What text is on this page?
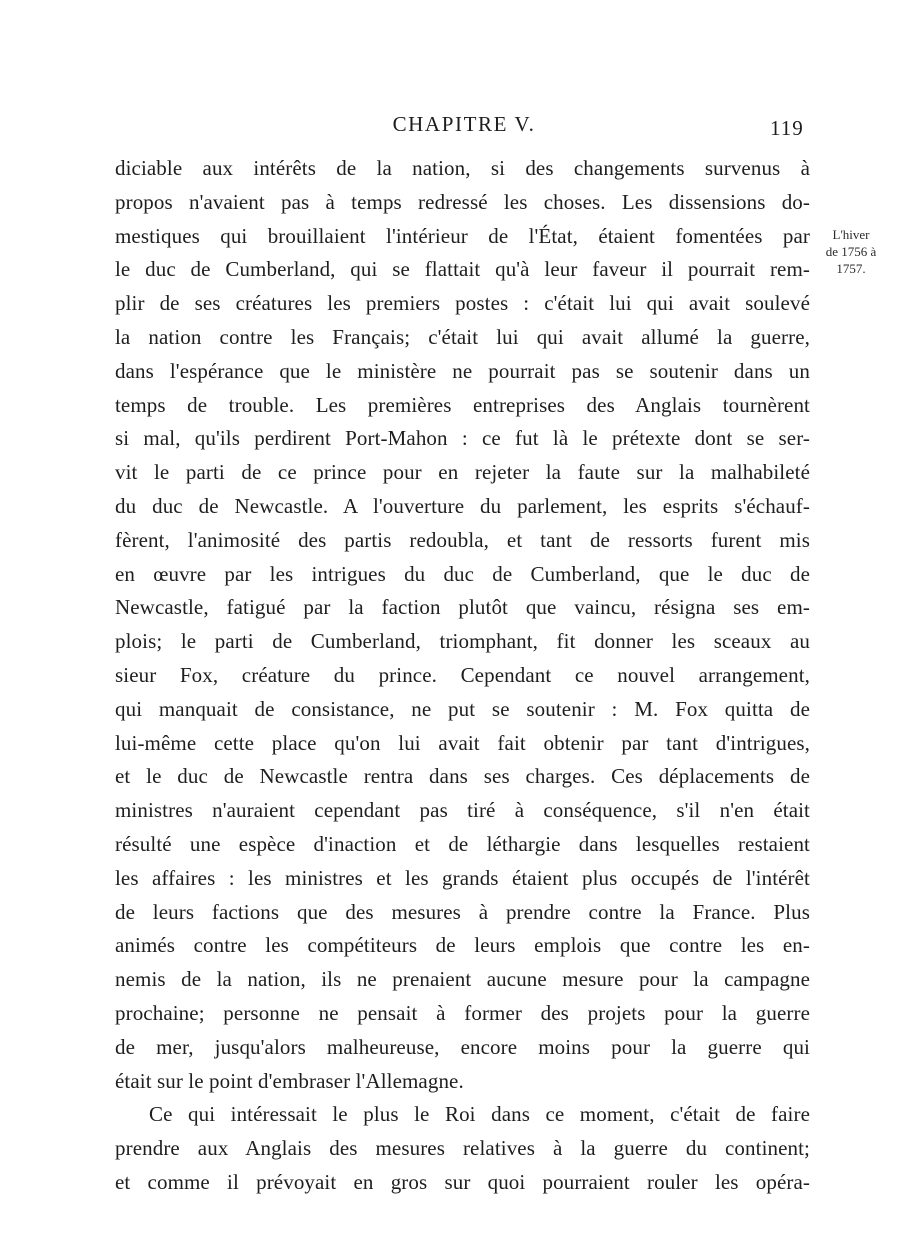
CHAPITRE V.	119
L'hiver
de 1756 à
1757.
diciable aux intérêts de la nation, si des changements survenus à
propos n'avaient pas à temps redressé les choses. Les dissensions do-
mestiques qui brouillaient l'intérieur de l'État, étaient fomentées par
le duc de Cumberland, qui se flattait qu'à leur faveur il pourrait rem-
plir de ses créatures les premiers postes : c'était lui qui avait soulevé
la nation contre les Français; c'était lui qui avait allumé la guerre,
dans l'espérance que le ministère ne pourrait pas se soutenir dans un
temps de trouble. Les premières entreprises des Anglais tournèrent
si mal, qu'ils perdirent Port-Mahon : ce fut là le prétexte dont se ser-
vit le parti de ce prince pour en rejeter la faute sur la malhabileté
du duc de Newcastle. A l'ouverture du parlement, les esprits s'échauf-
fèrent, l'animosité des partis redoubla, et tant de ressorts furent mis
en œuvre par les intrigues du duc de Cumberland, que le duc de
Newcastle, fatigué par la faction plutôt que vaincu, résigna ses em-
plois; le parti de Cumberland, triomphant, fit donner les sceaux au
sieur Fox, créature du prince. Cependant ce nouvel arrangement,
qui manquait de consistance, ne put se soutenir : M. Fox quitta de
lui-même cette place qu'on lui avait fait obtenir par tant d'intrigues,
et le duc de Newcastle rentra dans ses charges. Ces déplacements de
ministres n'auraient cependant pas tiré à conséquence, s'il n'en était
résulté une espèce d'inaction et de léthargie dans lesquelles restaient
les affaires : les ministres et les grands étaient plus occupés de l'intérêt
de leurs factions que des mesures à prendre contre la France. Plus
animés contre les compétiteurs de leurs emplois que contre les en-
nemis de la nation, ils ne prenaient aucune mesure pour la campagne
prochaine; personne ne pensait à former des projets pour la guerre
de mer, jusqu'alors malheureuse, encore moins pour la guerre qui
était sur le point d'embraser l'Allemagne.
Ce qui intéressait le plus le Roi dans ce moment, c'était de faire
prendre aux Anglais des mesures relatives à la guerre du continent;
et comme il prévoyait en gros sur quoi pourraient rouler les opéra-
